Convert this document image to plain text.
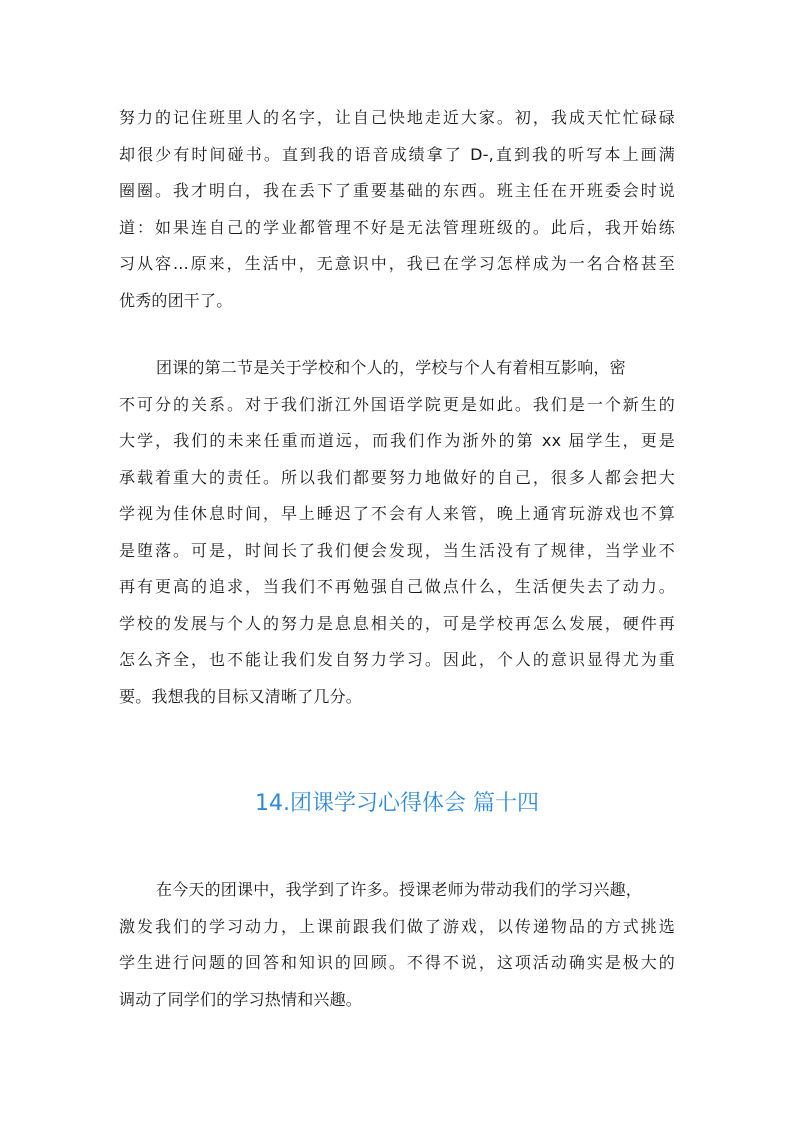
努力的记住班里人的名字，让自己快地走近大家。初，我成天忙忙碌碌
却很少有时间碰书。直到我的语音成绩拿了 D-,直到我的听写本上画满
圈圈。我才明白，我在丢下了重要基础的东西。班主任在开班委会时说
道：如果连自己的学业都管理不好是无法管理班级的。此后，我开始练
习从容...原来，生活中，无意识中，我已在学习怎样成为一名合格甚至
优秀的团干了。
团课的第二节是关于学校和个人的，学校与个人有着相互影响，密
不可分的关系。对于我们浙江外国语学院更是如此。我们是一个新生的
大学，我们的未来任重而道远，而我们作为浙外的第 xx 届学生，更是
承载着重大的责任。所以我们都要努力地做好的自己，很多人都会把大
学视为佳休息时间，早上睡迟了不会有人来管，晚上通宵玩游戏也不算
是堕落。可是，时间长了我们便会发现，当生活没有了规律，当学业不
再有更高的追求，当我们不再勉强自己做点什么，生活便失去了动力。
学校的发展与个人的努力是息息相关的，可是学校再怎么发展，硬件再
怎么齐全，也不能让我们发自努力学习。因此，个人的意识显得尤为重
要。我想我的目标又清晰了几分。
14.团课学习心得体会 篇十四
在今天的团课中，我学到了许多。授课老师为带动我们的学习兴趣，
激发我们的学习动力，上课前跟我们做了游戏，以传递物品的方式挑选
学生进行问题的回答和知识的回顾。不得不说，这项活动确实是极大的
调动了同学们的学习热情和兴趣。
